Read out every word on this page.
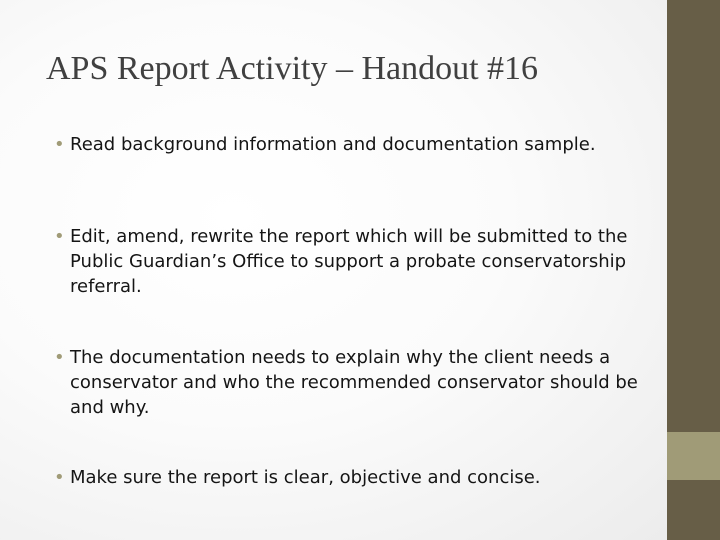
APS Report Activity – Handout #16
• Read background information and documentation sample.
• Edit, amend, rewrite the report which will be submitted to the Public Guardian’s Office to support a probate conservatorship referral.
• The documentation needs to explain why the client needs a conservator and who the recommended conservator should be and why.
• Make sure the report is clear, objective and concise.
